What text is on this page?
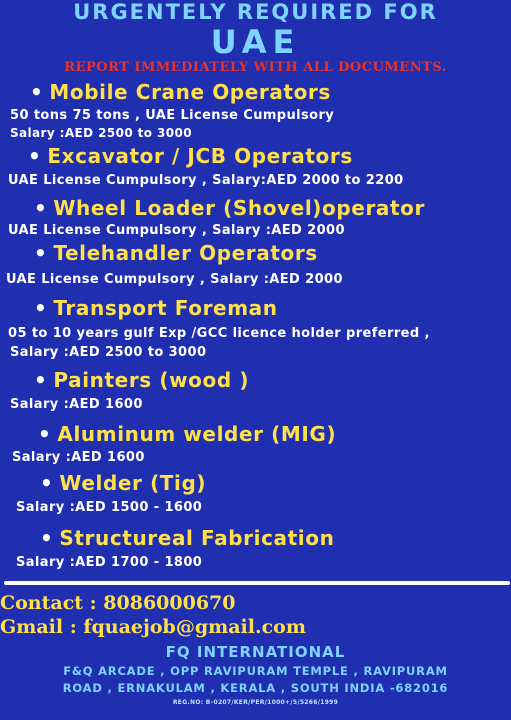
URGENTELY REQUIRED FOR
UAE
REPORT IMMEDIATELY WITH ALL DOCUMENTS.
• Mobile Crane Operators
50 tons 75 tons , UAE License Cumpulsory
Salary :AED 2500 to 3000
• Excavator / JCB Operators
UAE License Cumpulsory , Salary:AED 2000 to 2200
• Wheel Loader (Shovel)operator
UAE License Cumpulsory , Salary :AED 2000
• Telehandler Operators
UAE License Cumpulsory , Salary :AED 2000
• Transport Foreman
05 to 10 years gulf Exp /GCC licence holder preferred ,
Salary :AED 2500 to 3000
• Painters (wood )
Salary :AED 1600
• Aluminum welder (MIG)
Salary :AED 1600
• Welder (Tig)
Salary :AED 1500 - 1600
• Structureal Fabrication
Salary :AED 1700 - 1800
Contact : 8086000670
Gmail : fquaejob@gmail.com
FQ INTERNATIONAL
F&Q ARCADE , OPP RAVIPURAM TEMPLE , RAVIPURAM
ROAD , ERNAKULAM , KERALA , SOUTH INDIA -682016
REG.NO: B-0207/KER/PER/1000+/5/5266/1999
